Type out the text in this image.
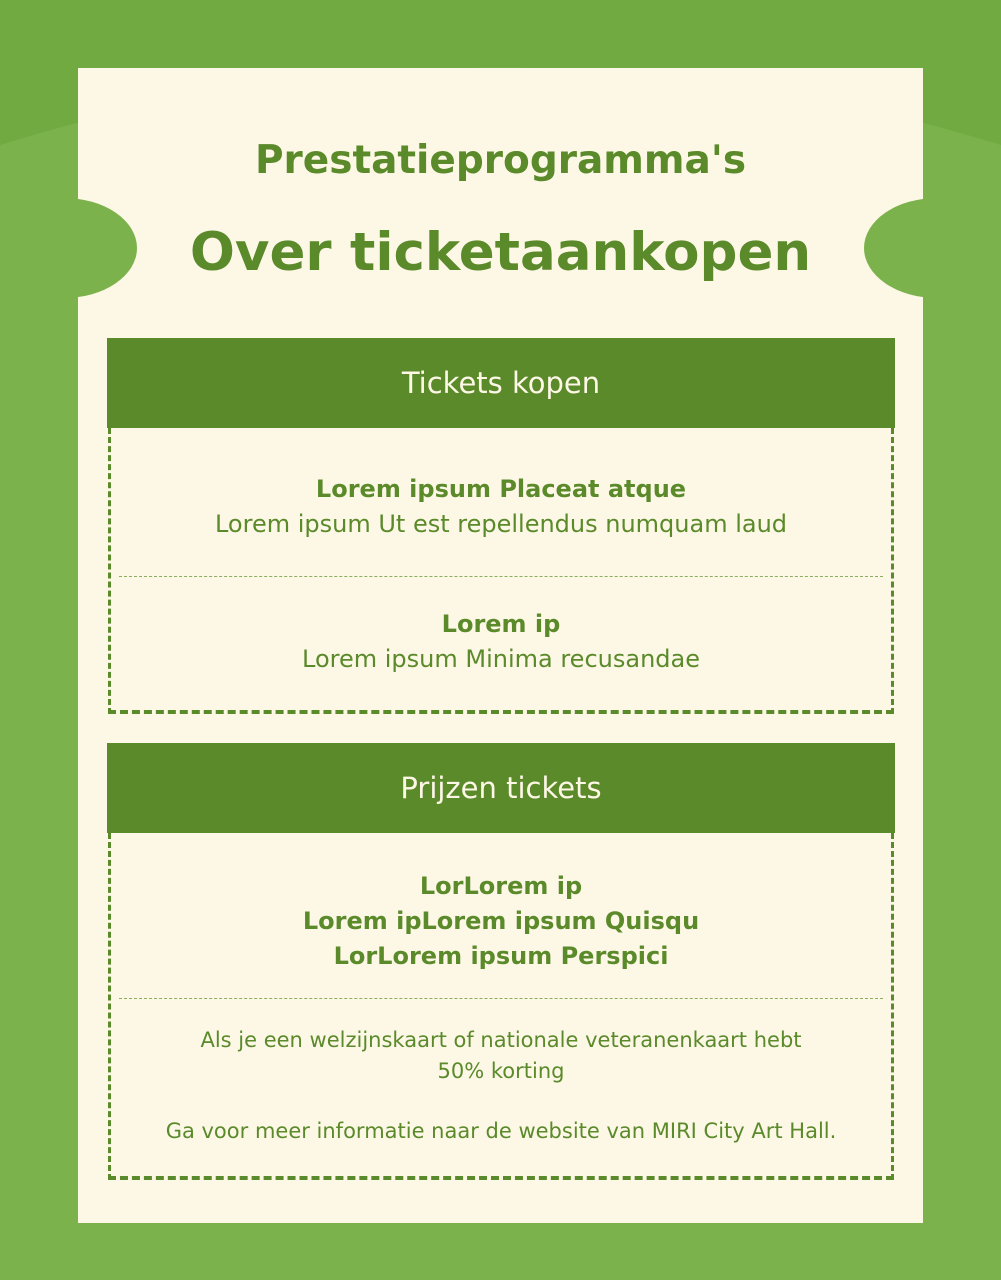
Prestatieprogramma's
Over ticketaankopen
Tickets kopen
Lorem ipsum Placeat atque
Lorem ipsum Ut est repellendus numquam laud
Lorem ip
Lorem ipsum Minima recusandae
Prijzen tickets
LorLorem ip
Lorem ipLorem ipsum Quisqu
LorLorem ipsum Perspici
Als je een welzijnskaart of nationale veteranenkaart hebt
50% korting
Ga voor meer informatie naar de website van MIRI City Art Hall.
